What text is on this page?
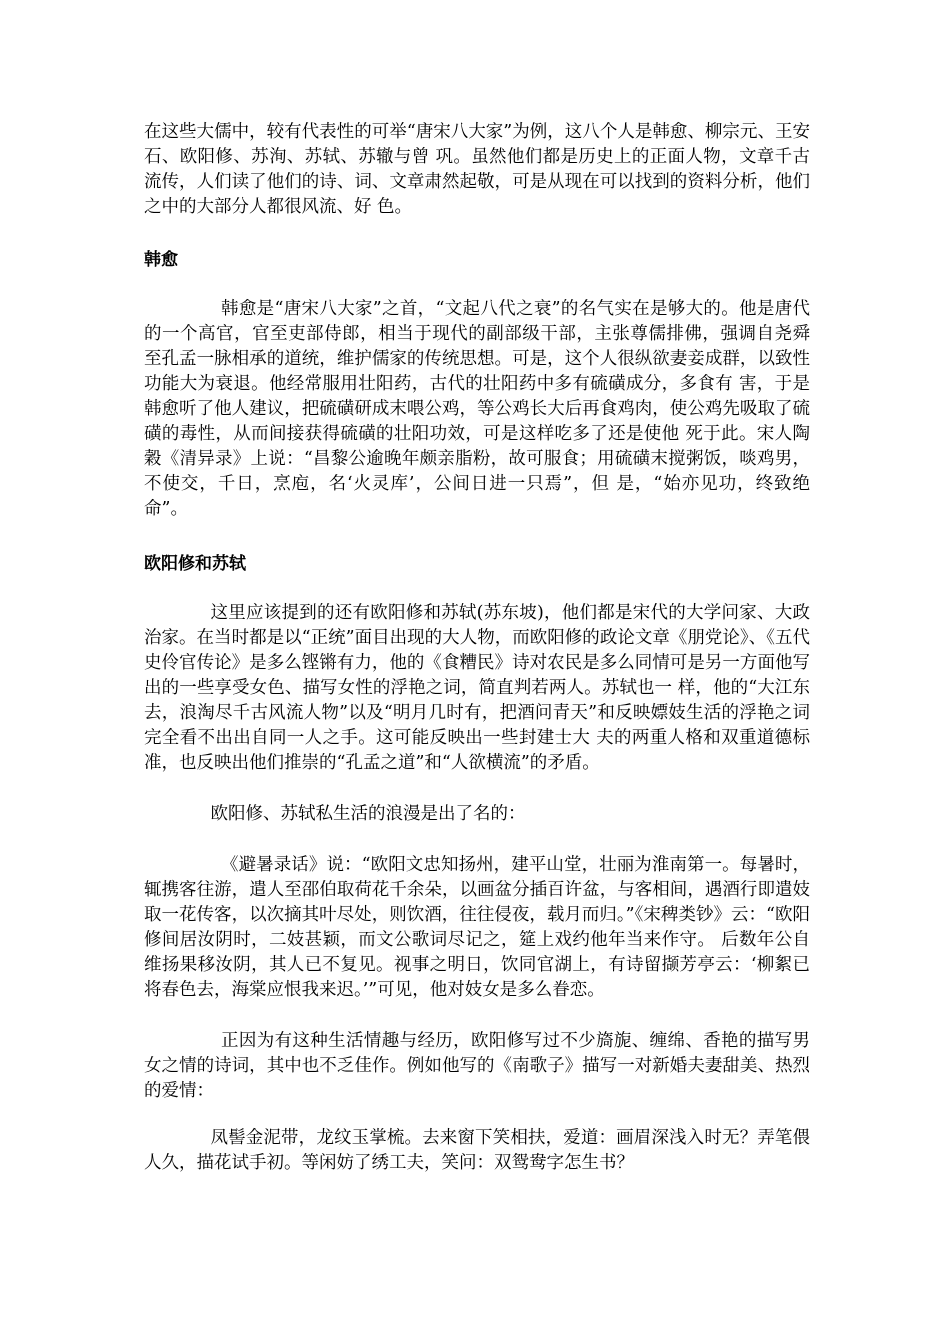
在这些大儒中，较有代表性的可举“唐宋八大家”为例，这八个人是韩愈、柳宗元、王安石、欧阳修、苏洵、苏轼、苏辙与曾 巩。虽然他们都是历史上的正面人物，文章千古流传，人们读了他们的诗、词、文章肃然起敬，可是从现在可以找到的资料分析，他们之中的大部分人都很风流、好 色。

韩愈

韩愈是“唐宋八大家”之首，“文起八代之衰”的名气实在是够大的。他是唐代的一个高官，官至吏部侍郎，相当于现代的副部级干部，主张尊儒排佛，强调自尧舜 至孔孟一脉相承的道统，维护儒家的传统思想。可是，这个人很纵欲妻妾成群，以致性功能大为衰退。他经常服用壮阳药，古代的壮阳药中多有硫磺成分，多食有 害，于是韩愈听了他人建议，把硫磺研成末喂公鸡，等公鸡长大后再食鸡肉，使公鸡先吸取了硫磺的毒性，从而间接获得硫磺的壮阳功效，可是这样吃多了还是使他 死于此。宋人陶穀《清异录》上说：“昌黎公逾晚年颇亲脂粉，故可服食；用硫磺末搅粥饭，啖鸡男，不使交，千日，烹庖，名‘火灵库’，公间日进一只焉”，但 是，“始亦见功，终致绝命”。

欧阳修和苏轼

这里应该提到的还有欧阳修和苏轼(苏东坡)，他们都是宋代的大学问家、大政治家。在当时都是以“正统”面目出现的大人物，而欧阳修的政论文章《朋党论》、《五代史伶官传论》是多么铿锵有力，他的《食糟民》诗对农民是多么同情可是另一方面他写出的一些享受女色、描写女性的浮艳之词，简直判若两人。苏轼也一 样，他的“大江东去，浪淘尽千古风流人物”以及“明月几时有，把酒问青天”和反映嫖妓生活的浮艳之词完全看不出出自同一人之手。这可能反映出一些封建士大 夫的两重人格和双重道德标准，也反映出他们推崇的“孔孟之道”和“人欲横流”的矛盾。

欧阳修、苏轼私生活的浪漫是出了名的：

《避暑录话》说：“欧阳文忠知扬州，建平山堂，壮丽为淮南第一。每暑时，辄携客往游，遣人至邵伯取荷花千余朵，以画盆分插百许盆，与客相间，遇酒行即遣妓 取一花传客，以次摘其叶尽处，则饮酒，往往侵夜，载月而归。”《宋稗类钞》云：“欧阳修间居汝阴时，二妓甚颖，而文公歌词尽记之，筵上戏约他年当来作守。 后数年公自维扬果移汝阴，其人已不复见。视事之明日，饮同官湖上，有诗留撷芳亭云：‘柳絮已将春色去，海棠应恨我来迟。’”可见，他对妓女是多么眷恋。

正因为有这种生活情趣与经历，欧阳修写过不少旖旎、缠绵、香艳的描写男女之情的诗词，其中也不乏佳作。例如他写的《南歌子》描写一对新婚夫妻甜美、热烈的爱情：

凤髻金泥带，龙纹玉掌梳。去来窗下笑相扶，爱道：画眉深浅入时无？弄笔偎人久，描花试手初。等闲妨了绣工夫，笑问：双鸳鸯字怎生书？
